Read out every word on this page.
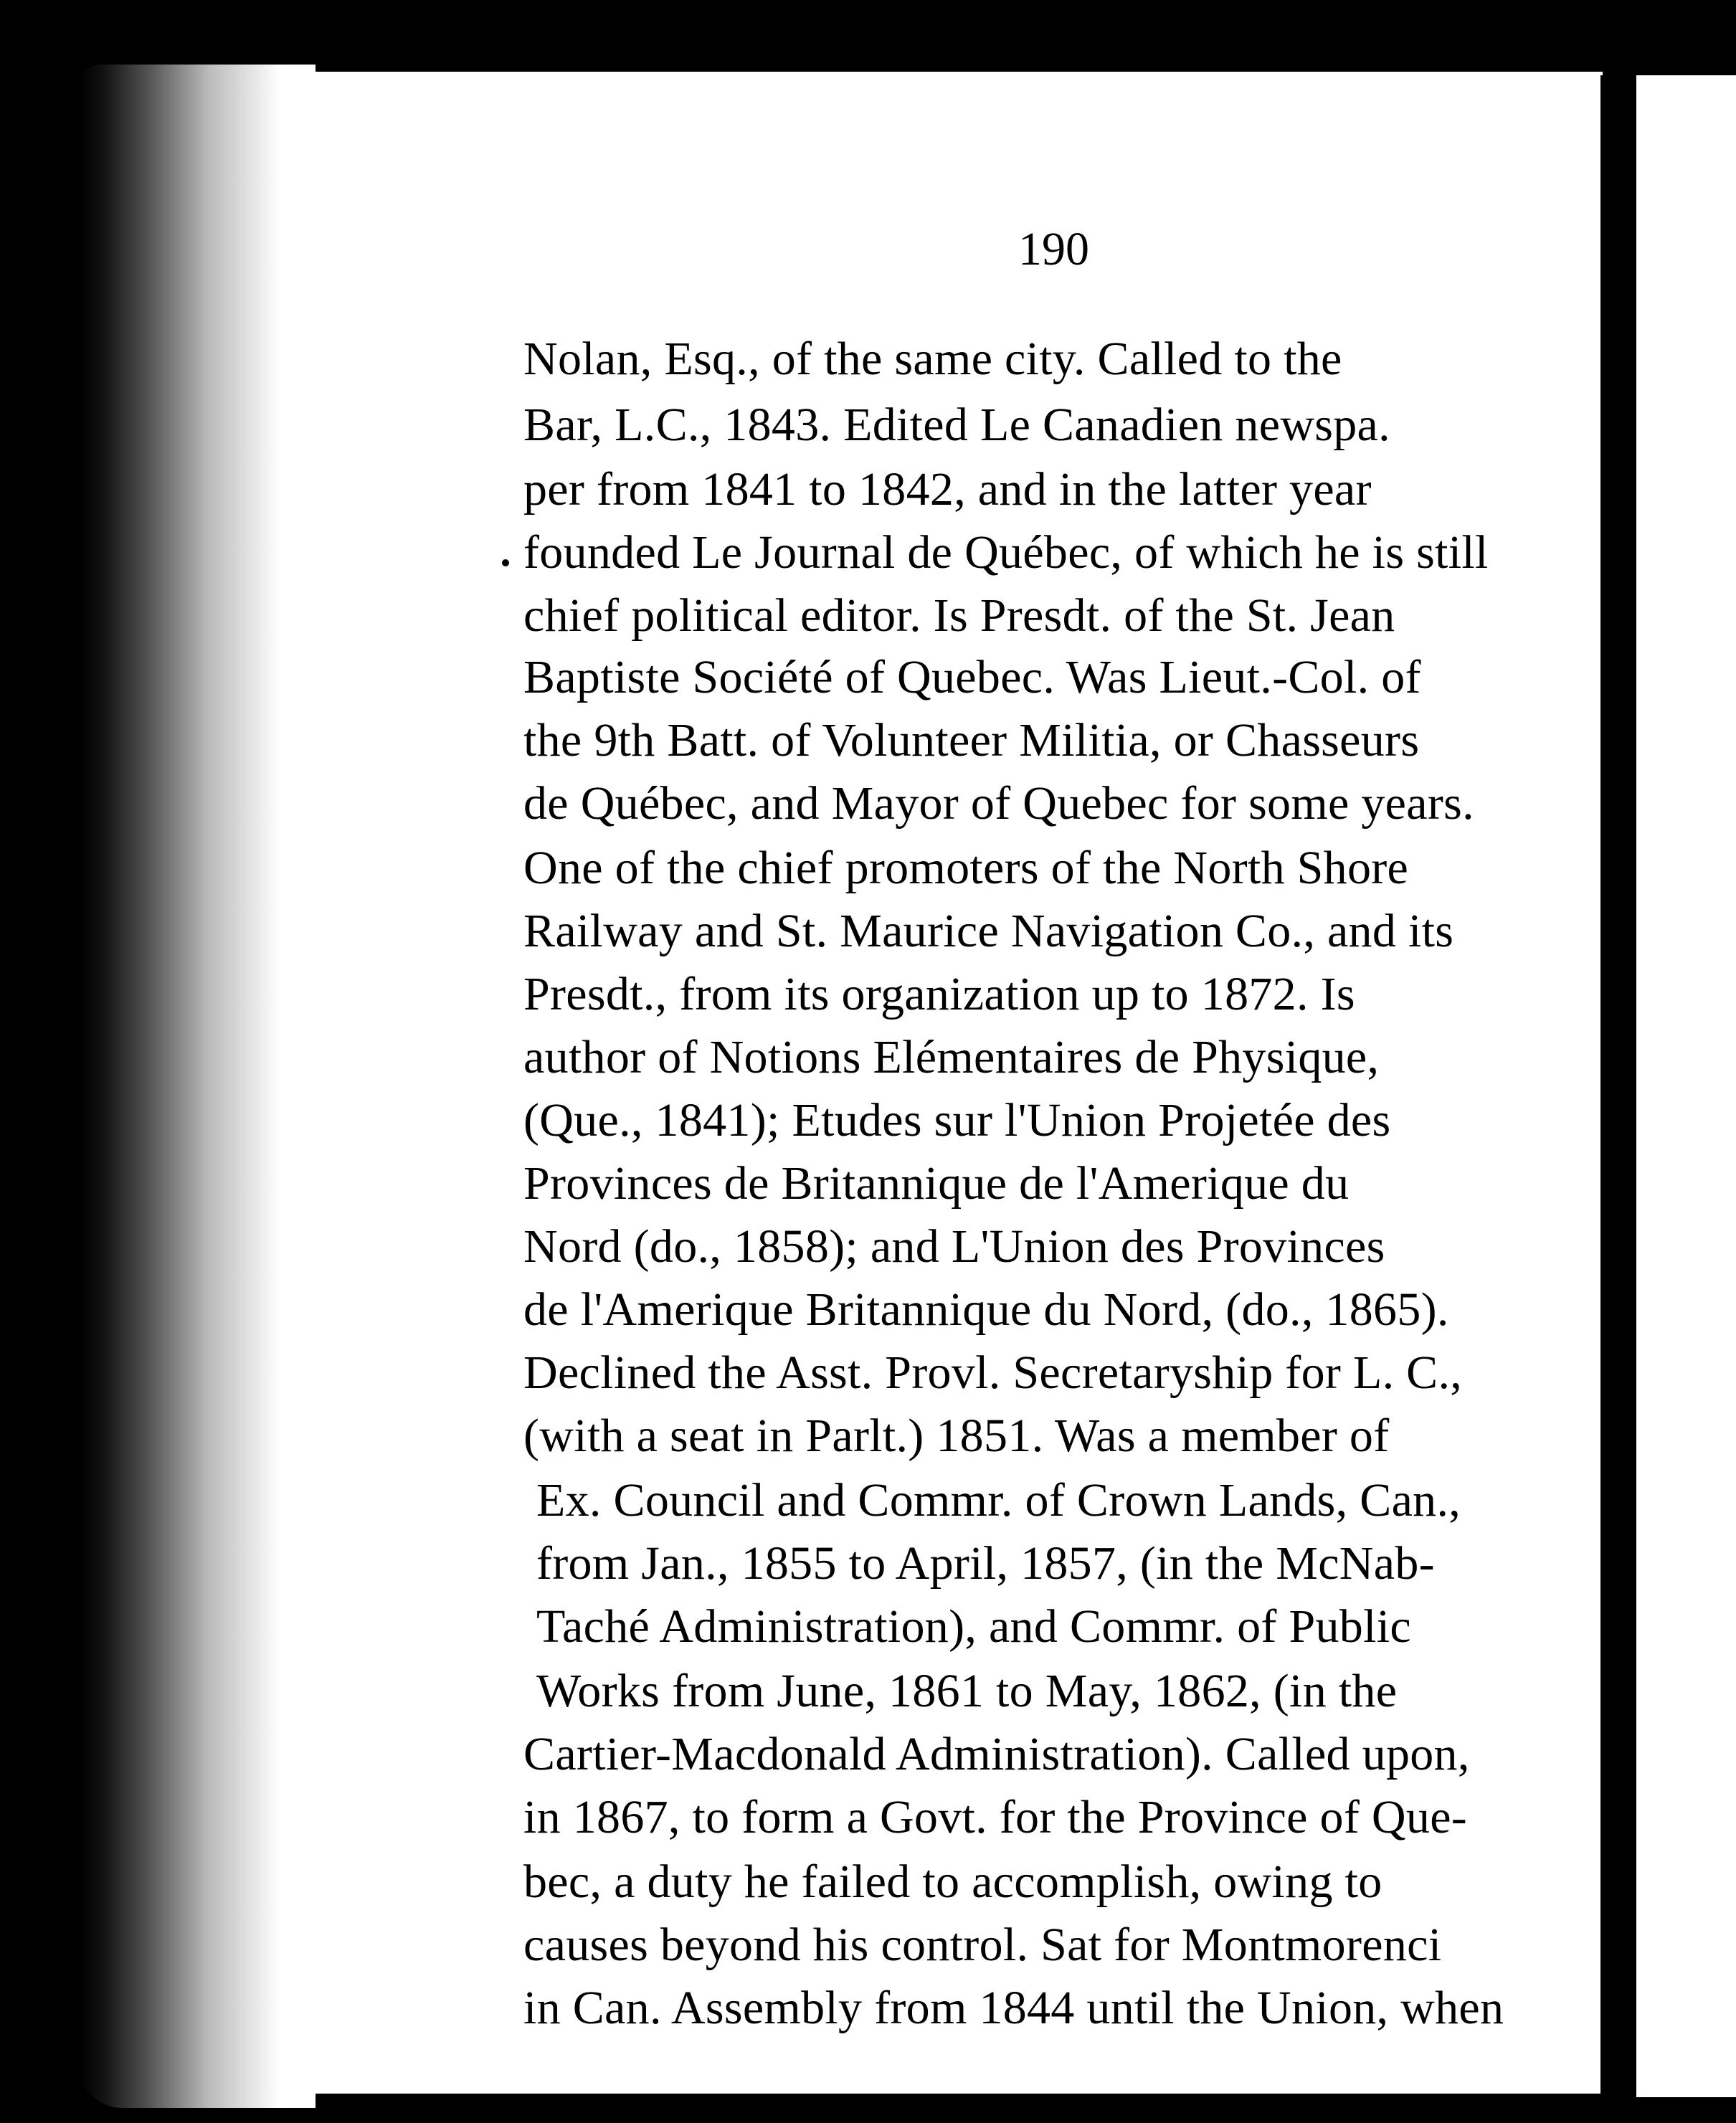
190
Nolan, Esq., of the same city. Called to the
Bar, L.C., 1843. Edited Le Canadien newspa.
per from 1841 to 1842, and in the latter year
founded Le Journal de Québec, of which he is still
chief political editor. Is Presdt. of the St. Jean
Baptiste Société of Quebec. Was Lieut.-Col. of
the 9th Batt. of Volunteer Militia, or Chasseurs
de Québec, and Mayor of Quebec for some years.
One of the chief promoters of the North Shore
Railway and St. Maurice Navigation Co., and its
Presdt., from its organization up to 1872. Is
author of Notions Elémentaires de Physique,
(Que., 1841); Etudes sur l'Union Projetée des
Provinces de Britannique de l'Amerique du
Nord (do., 1858); and L'Union des Provinces
de l'Amerique Britannique du Nord, (do., 1865).
Declined the Asst. Provl. Secretaryship for L. C.,
(with a seat in Parlt.) 1851. Was a member of
Ex. Council and Commr. of Crown Lands, Can.,
from Jan., 1855 to April, 1857, (in the McNab-
Taché Administration), and Commr. of Public
Works from June, 1861 to May, 1862, (in the
Cartier-Macdonald Administration). Called upon,
in 1867, to form a Govt. for the Province of Que-
bec, a duty he failed to accomplish, owing to
causes beyond his control. Sat for Montmorenci
in Can. Assembly from 1844 until the Union, when
